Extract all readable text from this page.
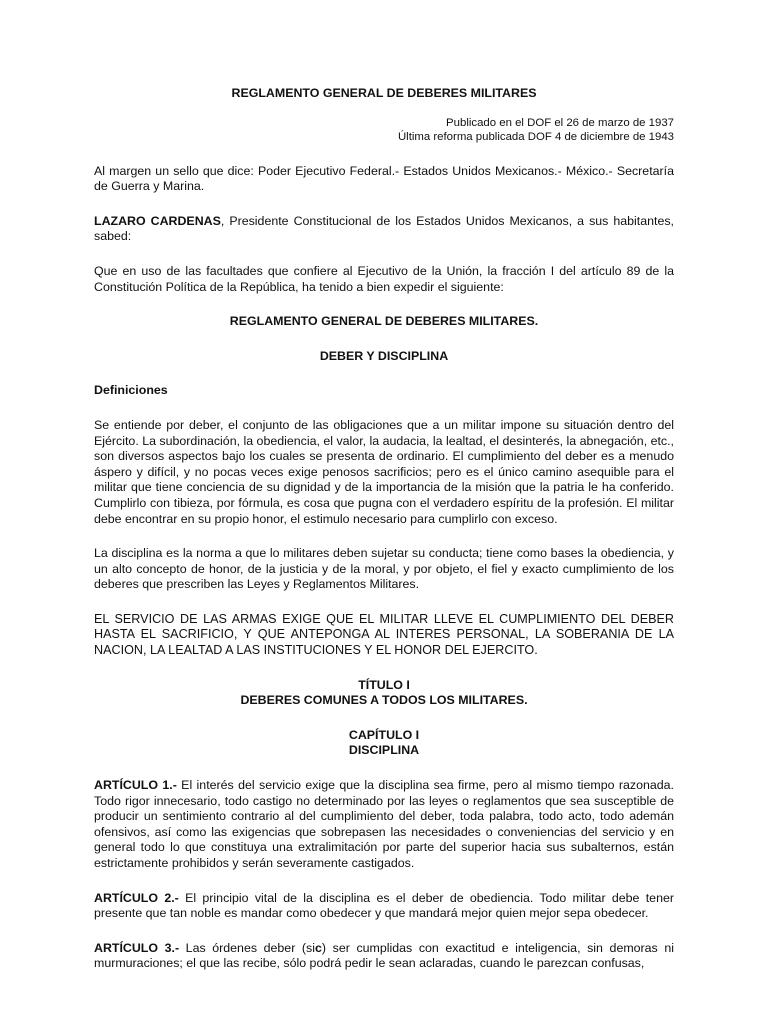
REGLAMENTO GENERAL DE DEBERES MILITARES

Publicado en el DOF el 26 de marzo de 1937
Última reforma publicada DOF 4 de diciembre de 1943

Al margen un sello que dice: Poder Ejecutivo Federal.- Estados Unidos Mexicanos.- México.- Secretaría de Guerra y Marina.

LAZARO CARDENAS, Presidente Constitucional de los Estados Unidos Mexicanos, a sus habitantes, sabed:

Que en uso de las facultades que confiere al Ejecutivo de la Unión, la fracción I del artículo 89 de la Constitución Política de la República, ha tenido a bien expedir el siguiente:

REGLAMENTO GENERAL DE DEBERES MILITARES.

DEBER Y DISCIPLINA

Definiciones

Se entiende por deber, el conjunto de las obligaciones que a un militar impone su situación dentro del Ejército. La subordinación, la obediencia, el valor, la audacia, la lealtad, el desinterés, la abnegación, etc., son diversos aspectos bajo los cuales se presenta de ordinario. El cumplimiento del deber es a menudo áspero y difícil, y no pocas veces exige penosos sacrificios; pero es el único camino asequible para el militar que tiene conciencia de su dignidad y de la importancia de la misión que la patria le ha conferido. Cumplirlo con tibieza, por fórmula, es cosa que pugna con el verdadero espíritu de la profesión. El militar debe encontrar en su propio honor, el estimulo necesario para cumplirlo con exceso.

La disciplina es la norma a que lo militares deben sujetar su conducta; tiene como bases la obediencia, y un alto concepto de honor, de la justicia y de la moral, y por objeto, el fiel y exacto cumplimiento de los deberes que prescriben las Leyes y Reglamentos Militares.

EL SERVICIO DE LAS ARMAS EXIGE QUE EL MILITAR LLEVE EL CUMPLIMIENTO DEL DEBER HASTA EL SACRIFICIO, Y QUE ANTEPONGA AL INTERES PERSONAL, LA SOBERANIA DE LA NACION, LA LEALTAD A LAS INSTITUCIONES Y EL HONOR DEL EJERCITO.

TÍTULO I

DEBERES COMUNES A TODOS LOS MILITARES.

CAPÍTULO I

DISCIPLINA

ARTÍCULO 1.- El interés del servicio exige que la disciplina sea firme, pero al mismo tiempo razonada. Todo rigor innecesario, todo castigo no determinado por las leyes o reglamentos que sea susceptible de producir un sentimiento contrario al del cumplimiento del deber, toda palabra, todo acto, todo ademán ofensivos, así como las exigencias que sobrepasen las necesidades o conveniencias del servicio y en general todo lo que constituya una extralimitación por parte del superior hacia sus subalternos, están estrictamente prohibidos y serán severamente castigados.

ARTÍCULO 2.- El principio vital de la disciplina es el deber de obediencia. Todo militar debe tener presente que tan noble es mandar como obedecer y que mandará mejor quien mejor sepa obedecer.

ARTÍCULO 3.- Las órdenes deber (sic) ser cumplidas con exactitud e inteligencia, sin demoras ni murmuraciones; el que las recibe, sólo podrá pedir le sean aclaradas, cuando le parezcan confusas,
